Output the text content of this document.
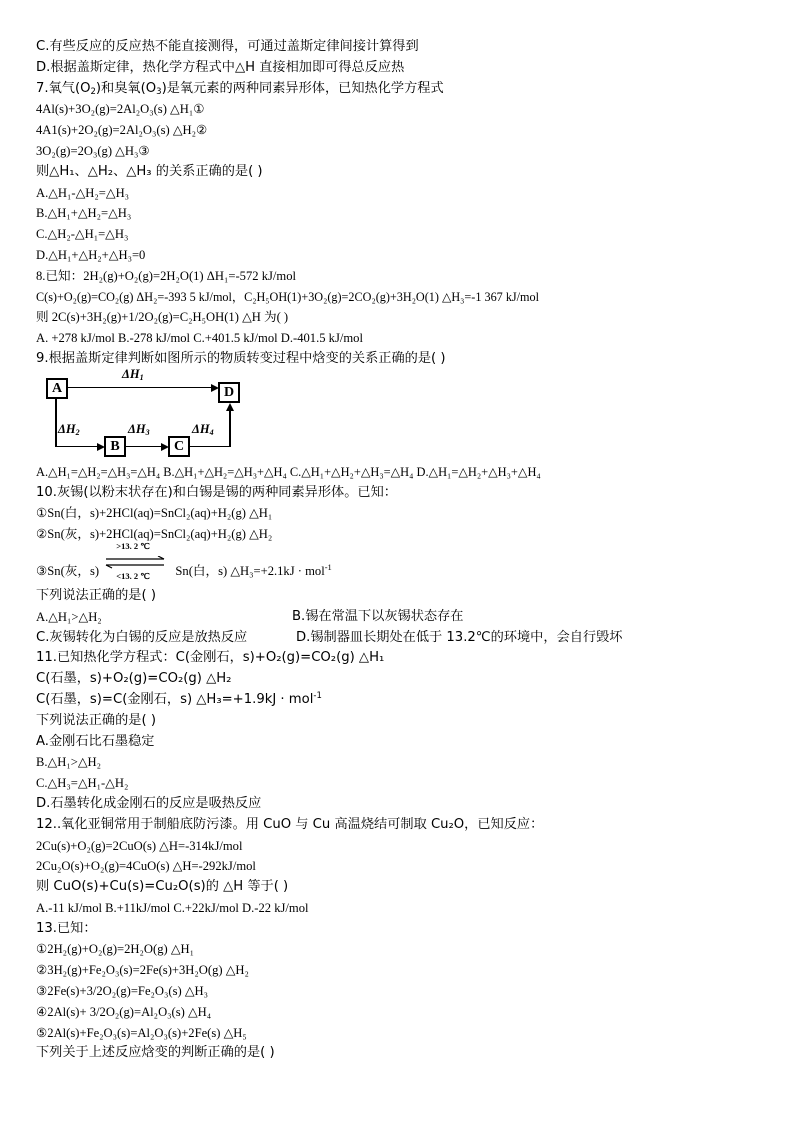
C.有些反应的反应热不能直接测得，可通过盖斯定律间接计算得到
D.根据盖斯定律，热化学方程式中△H 直接相加即可得总反应热
7.氧气$(O_2)$和臭氧$(O_3)$是氧元素的两种同素异形体，已知热化学方程式
4Al(s)+3O₂(g)=2Al₂O₃(s) △H₁①
4A1(s)+2O₂(g)=2Al₂O₃(s) △H₂②
3O₂(g)=2O₃(g) △H₃③
则△H₁、△H₂、△H₃ 的关系正确的是( )
A.△H₁-△H₂=△H₃
B.△H₁+△H₂=△H₃
C.△H₂-△H₁=△H₃
D.△H₁+△H₂+△H₃=0
8.已知：2H₂(g)+O₂(g)=2H₂O(1) ΔH₁=-572 kJ/mol
C(s)+O₂(g)=CO₂(g) ΔH₂=-393 5 kJ/mol，C₂H₅OH(1)+3O₂(g)=2CO₂(g)+3H₂O(1) △H₃=-1 367 kJ/mol
则 2C(s)+3H₂(g)+1/2O₂(g)=C₂H₅OH(1) △H 为( )
A. +278 kJ/mol B.-278 kJ/mol C.+401.5 kJ/mol D.-401.5 kJ/mol
9.根据盖斯定律判断如图所示的物质转变过程中焓变的关系正确的是( )
A	D
B	C
$\Delta H_1$
$\Delta H_2$	$\Delta H_3$	$\Delta H_4$
A.△H₁=△H₂=△H₃=△H₄ B.△H₁+△H₂=△H₃+△H₄ C.△H₁+△H₂+△H₃=△H₄ D.△H₁=△H₂+△H₃+△H₄
10.灰锡(以粉末状存在)和白锡是锡的两种同素异形体。已知：
①Sn(白，s)+2HCl(aq)=SnCl₂(aq)+H₂(g) △H₁
②Sn(灰，s)+2HCl(aq)=SnCl₂(aq)+H₂(g) △H₂
③Sn(灰，s)
>13. 2 ℃
<13. 2 ℃ Sn(白，s) △H₃=+2.1kJ · mol$^{-1}$
下列说法正确的是( )
A.△H₁>△H₂	B.锡在常温下以灰锡状态存在
C.灰锡转化为白锡的反应是放热反应	D.锡制器皿长期处在低于 13.2℃的环境中，会自行毁坏
11.已知热化学方程式：C(金刚石，s)+O₂(g)=CO₂(g) △H₁
C(石墨，s)+O₂(g)=CO₂(g) △H₂
C(石墨，s)=C(金刚石，s) △H₃=+1.9kJ · mol$^{-1}$
下列说法正确的是( )
A.金刚石比石墨稳定
B.△H₁>△H₂
C.△H₃=△H₁-△H₂
D.石墨转化成金刚石的反应是吸热反应
12..氧化亚铜常用于制船底防污漆。用 CuO 与 Cu 高温烧结可制取 Cu₂O，已知反应：
2Cu(s)+O₂(g)=2CuO(s) △H=-314kJ/mol
2Cu₂O(s)+O₂(g)=4CuO(s) △H=-292kJ/mol
则 CuO(s)+Cu(s)=Cu₂O(s)的 △H 等于( )
A.-11 kJ/mol B.+11kJ/mol C.+22kJ/mol D.-22 kJ/mol
13.已知：
①2H₂(g)+O₂(g)=2H₂O(g) △H₁
②3H₂(g)+Fe₂O₃(s)=2Fe(s)+3H₂O(g) △H₂
③2Fe(s)+3/2O₂(g)=Fe₂O₃(s) △H₃
④2Al(s)+ 3/2O₂(g)=Al₂O₃(s) △H₄
⑤2Al(s)+Fe₂O₃(s)=Al₂O₃(s)+2Fe(s) △H₅
下列关于上述反应焓变的判断正确的是( )
